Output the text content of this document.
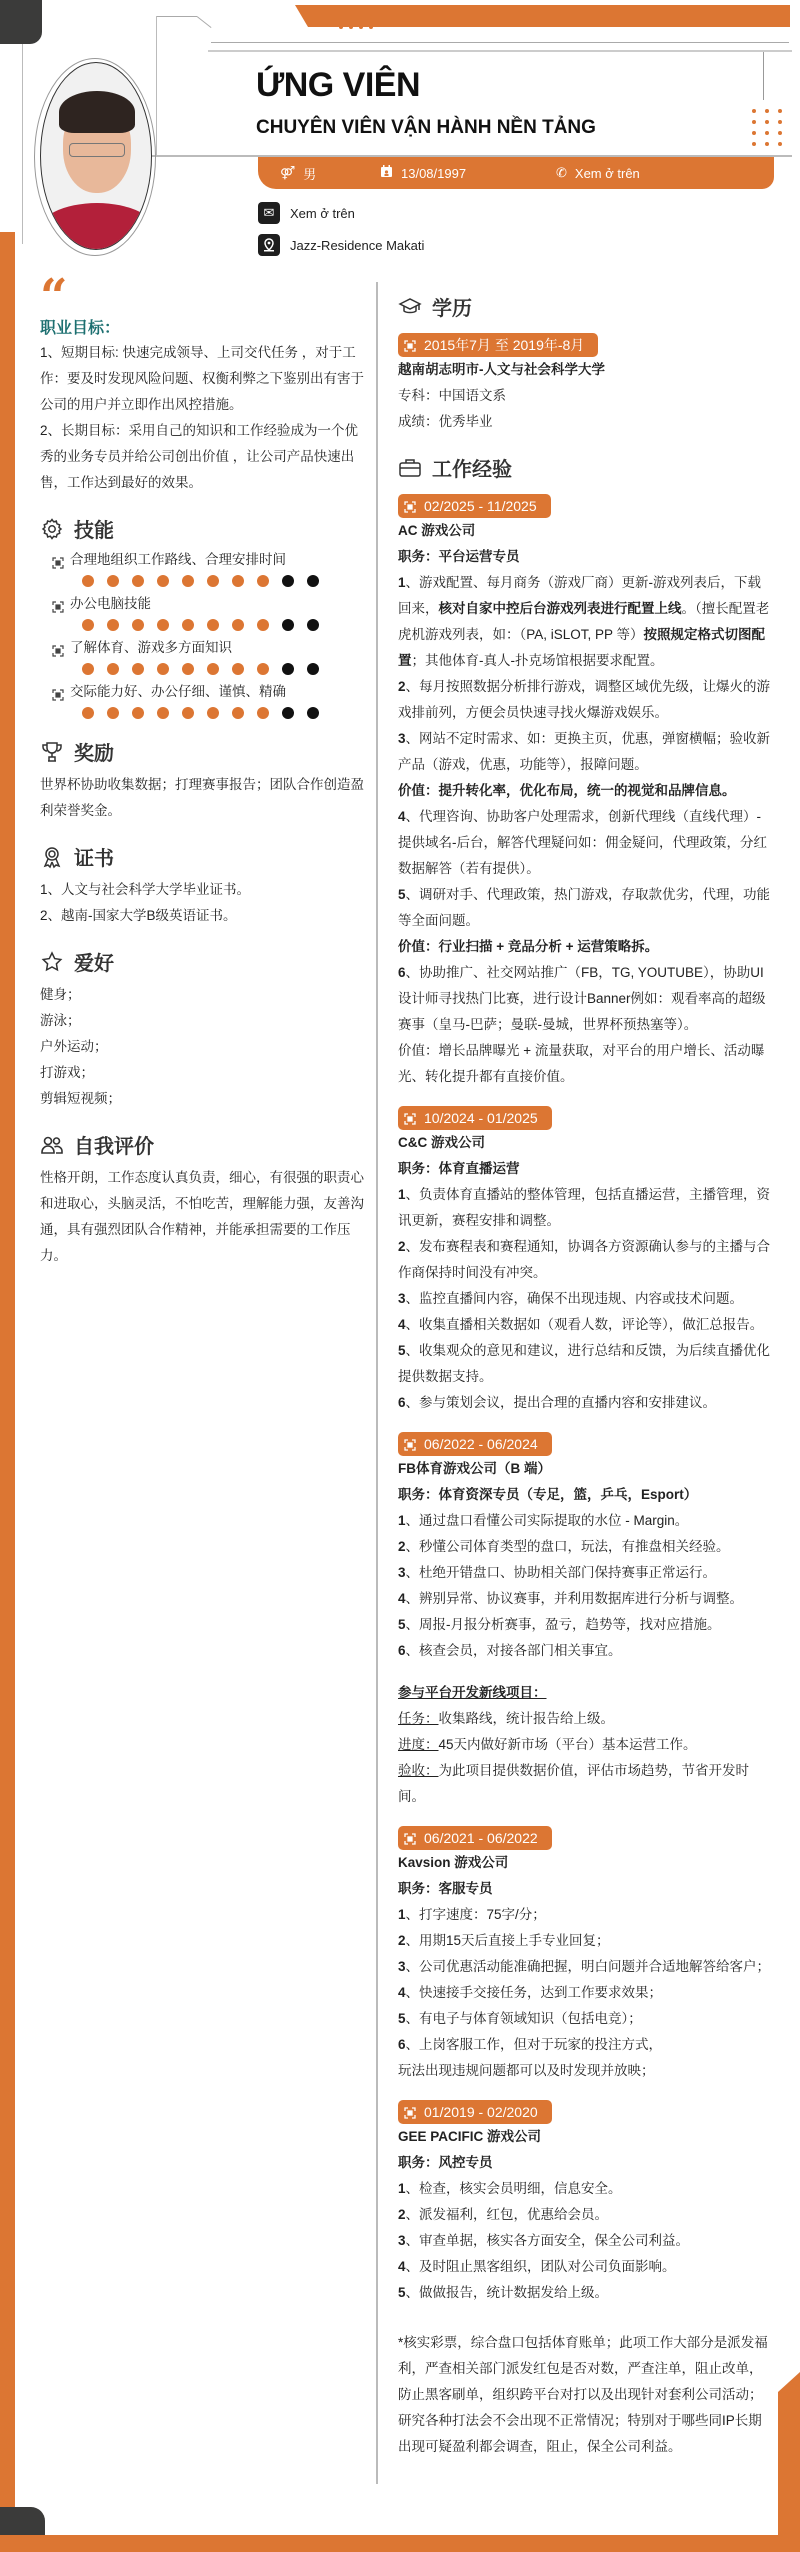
ỨNG VIÊN
CHUYÊN VIÊN VẬN HÀNH NỀN TẢNG
⚤ 男	13/08/1997	✆ Xem ở trên
✉	Xem ở trên
Jazz-Residence Makati
“
职业目标：

1、短期目标: 快速完成领导、上司交代任务 ，对于工作：要及时发现风险问题、权衡利弊之下鉴别出有害于公司的用户并立即作出风控措施。

2、长期目标：采用自己的知识和工作经验成为一个优秀的业务专员并给公司创出价值 ，让公司产品快速出售，工作达到最好的效果。

技能
合理地组织工作路线、合理安排时间
办公电脑技能
了解体育、游戏多方面知识
交际能力好、办公仔细、谨慎、精确
奖励

世界杯协助收集数据；打理赛事报告；团队合作创造盈利荣誉奖金。

证书

1、人文与社会科学大学毕业证书。

2、越南-国家大学B级英语证书。

爱好

健身；

游泳；

户外运动；

打游戏；

剪辑短视频；

自我评价

性格开朗，工作态度认真负责，细心，有很强的职责心和进取心，头脑灵活，不怕吃苦，理解能力强，友善沟通，具有强烈团队合作精神，并能承担需要的工作压力。

学历
2015年7月 至 2019年-8月

越南胡志明市-人文与社会科学大学

专科：中国语文系

成绩：优秀毕业

工作经验
02/2025 - 11/2025

AC 游戏公司

职务：平台运营专员

1、游戏配置、每月商务（游戏厂商）更新-游戏列表后，下载回来，核对自家中控后台游戏列表进行配置上线。（擅长配置老虎机游戏列表，如：（PA, iSLOT, PP 等）按照规定格式切图配置；其他体育-真人-扑克场馆根据要求配置。

2、每月按照数据分析排行游戏，调整区域优先级，让爆火的游戏排前列，方便会员快速寻找火爆游戏娱乐。

3、网站不定时需求、如：更换主页，优惠，弹窗横幅；验收新产品（游戏，优惠，功能等），报障问题。

价值：提升转化率，优化布局，统一的视觉和品牌信息。

4、代理咨询、协助客户处理需求，创新代理线（直线代理）- 提供域名-后台，解答代理疑问如：佣金疑问，代理政策，分红数据解答（若有提供）。

5、调研对手、代理政策，热门游戏，存取款优劣，代理，功能等全面问题。

价值：行业扫描 + 竞品分析 + 运营策略拆。

6、协助推广、社交网站推广（FB，TG, YOUTUBE），协助UI设计师寻找热门比赛，进行设计Banner例如：观看率高的超级赛事（皇马-巴萨；曼联-曼城，世界杯预热塞等）。

价值：增长品牌曝光 + 流量获取，对平台的用户增长、活动曝光、转化提升都有直接价值。

10/2024 - 01/2025

C&C 游戏公司

职务：体育直播运营

1、负责体育直播站的整体管理，包括直播运营，主播管理，资讯更新，赛程安排和调整。

2、发布赛程表和赛程通知，协调各方资源确认参与的主播与合作商保持时间没有冲突。

3、监控直播间内容，确保不出现违规、内容或技术问题。

4、收集直播相关数据如（观看人数，评论等），做汇总报告。

5、收集观众的意见和建议，进行总结和反馈，为后续直播优化提供数据支持。

6、参与策划会议，提出合理的直播内容和安排建议。

06/2022 - 06/2024

FB体育游戏公司（B 端）

职务：体育资深专员（专足，篮，乒乓，Esport）

1、通过盘口看懂公司实际提取的水位 - Margin。

2、秒懂公司体育类型的盘口，玩法，有推盘相关经验。

3、杜绝开错盘口、协助相关部门保持赛事正常运行。

4、辨别异常、协议赛事，并利用数据库进行分析与调整。

5、周报-月报分析赛事，盈亏，趋势等，找对应措施。

6、核查会员，对接各部门相关事宜。

参与平台开发新线项目：

任务：收集路线，统计报告给上级。

进度：45天内做好新市场（平台）基本运营工作。

验收：为此项目提供数据价值，评估市场趋势，节省开发时间。

06/2021 - 06/2022

Kavsion 游戏公司

职务：客服专员

1、打字速度：75字/分；

2、用期15天后直接上手专业回复；

3、公司优惠活动能准确把握，明白问题并合适地解答给客户；

4、快速接手交接任务，达到工作要求效果；

5、有电子与体育领域知识（包括电竞）；

6、上岗客服工作，但对于玩家的投注方式，

玩法出现违规问题都可以及时发现并放映；

01/2019 - 02/2020

GEE PACIFIC 游戏公司

职务：风控专员

1、检查，核实会员明细，信息安全。

2、派发福利，红包，优惠给会员。

3、审查单据，核实各方面安全，保全公司利益。

4、及时阻止黑客组织，团队对公司负面影响。

5、做做报告，统计数据发给上级。

*核实彩票，综合盘口包括体育账单；此项工作大部分是派发福利，严查相关部门派发红包是否对数，严查注单，阻止改单，防止黑客刷单，组织跨平台对打以及出现针对套利公司活动；研究各种打法会不会出现不正常情况；特别对于哪些同IP长期出现可疑盈利都会调查，阻止，保全公司利益。
